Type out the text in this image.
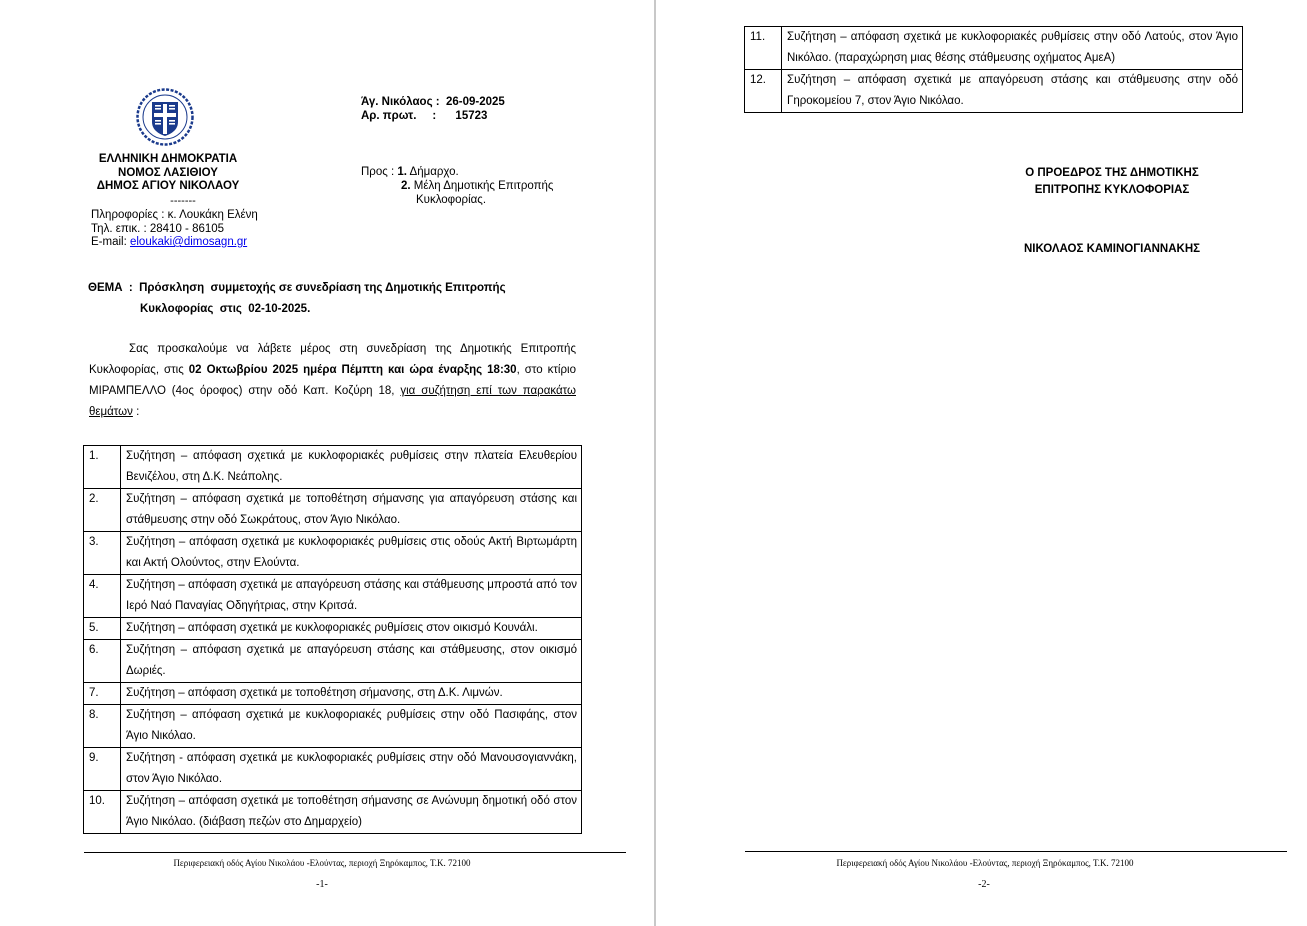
ΕΛΛΗΝΙΚΗ ΔΗΜΟΚΡΑΤΙΑ
ΝΟΜΟΣ ΛΑΣΙΘΙΟΥ
ΔΗΜΟΣ ΑΓΙΟΥ ΝΙΚΟΛΑΟΥ
-------
Πληροφορίες : κ. Λουκάκη Ελένη
Τηλ. επικ. : 28410 - 86105
E-mail: eloukaki@dimosagn.gr
Άγ. Νικόλαος :  26-09-2025
Αρ. πρωτ.     :      15723
Προς : 1. Δήμαρχο.
2. Μέλη Δημοτικής Επιτροπής
Κυκλοφορίας.
ΘΕΜΑ  :  Πρόσκληση  συμμετοχής σε συνεδρίαση της Δημοτικής Επιτροπής
Κυκλοφορίας  στις  02-10-2025.
Σας προσκαλούμε να λάβετε μέρος στη συνεδρίαση της Δημοτικής Επιτροπής Κυκλοφορίας, στις 02 Οκτωβρίου 2025 ημέρα Πέμπτη και ώρα έναρξης 18:30, στο κτίριο ΜΙΡΑΜΠΕΛΛΟ (4ος όροφος) στην οδό Καπ. Κοζύρη 18, για συζήτηση επί των παρακάτω θεμάτων :
1.	Συζήτηση – απόφαση σχετικά με κυκλοφοριακές ρυθμίσεις στην πλατεία Ελευθερίου Βενιζέλου, στη Δ.Κ. Νεάπολης.
2.	Συζήτηση – απόφαση σχετικά με τοποθέτηση σήμανσης για απαγόρευση στάσης και στάθμευσης στην οδό Σωκράτους, στον Άγιο Νικόλαο.
3.	Συζήτηση – απόφαση σχετικά με κυκλοφοριακές ρυθμίσεις στις οδούς Ακτή Βιρτωμάρτη και Ακτή Ολούντος, στην Ελούντα.
4.	Συζήτηση – απόφαση σχετικά με απαγόρευση στάσης και στάθμευσης μπροστά από τον Ιερό Ναό Παναγίας Οδηγήτριας, στην Κριτσά.
5.	Συζήτηση – απόφαση σχετικά με κυκλοφοριακές ρυθμίσεις στον οικισμό Κουνάλι.
6.	Συζήτηση – απόφαση σχετικά με απαγόρευση στάσης και στάθμευσης, στον οικισμό Δωριές.
7.	Συζήτηση – απόφαση σχετικά με τοποθέτηση σήμανσης, στη Δ.Κ. Λιμνών.
8.	Συζήτηση – απόφαση σχετικά με κυκλοφοριακές ρυθμίσεις στην οδό Πασιφάης, στον Άγιο Νικόλαο.
9.	Συζήτηση - απόφαση σχετικά με κυκλοφοριακές ρυθμίσεις στην οδό Μανουσογιαννάκη, στον Άγιο Νικόλαο.
10.	Συζήτηση – απόφαση σχετικά με τοποθέτηση σήμανσης σε Ανώνυμη δημοτική οδό στον Άγιο Νικόλαο. (διάβαση πεζών στο Δημαρχείο)
Περιφερειακή οδός Αγίου Νικολάου -Ελούντας, περιοχή Ξηρόκαμπος, Τ.Κ. 72100
-1-
Περιφερειακή οδός Αγίου Νικολάου -Ελούντας, περιοχή Ξηρόκαμπος, Τ.Κ. 72100
-2-
Ο ΠΡΟΕΔΡΟΣ ΤΗΣ ΔΗΜΟΤΙΚΗΣ
ΕΠΙΤΡΟΠΗΣ ΚΥΚΛΟΦΟΡΙΑΣ
ΝΙΚΟΛΑΟΣ ΚΑΜΙΝΟΓΙΑΝΝΑΚΗΣ
11.	Συζήτηση – απόφαση σχετικά με κυκλοφοριακές ρυθμίσεις στην οδό Λατούς, στον Άγιο Νικόλαο. (παραχώρηση μιας θέσης στάθμευσης οχήματος ΑμεΑ)
12.	Συζήτηση – απόφαση σχετικά με απαγόρευση στάσης και στάθμευσης στην οδό Γηροκομείου 7, στον Άγιο Νικόλαο.
